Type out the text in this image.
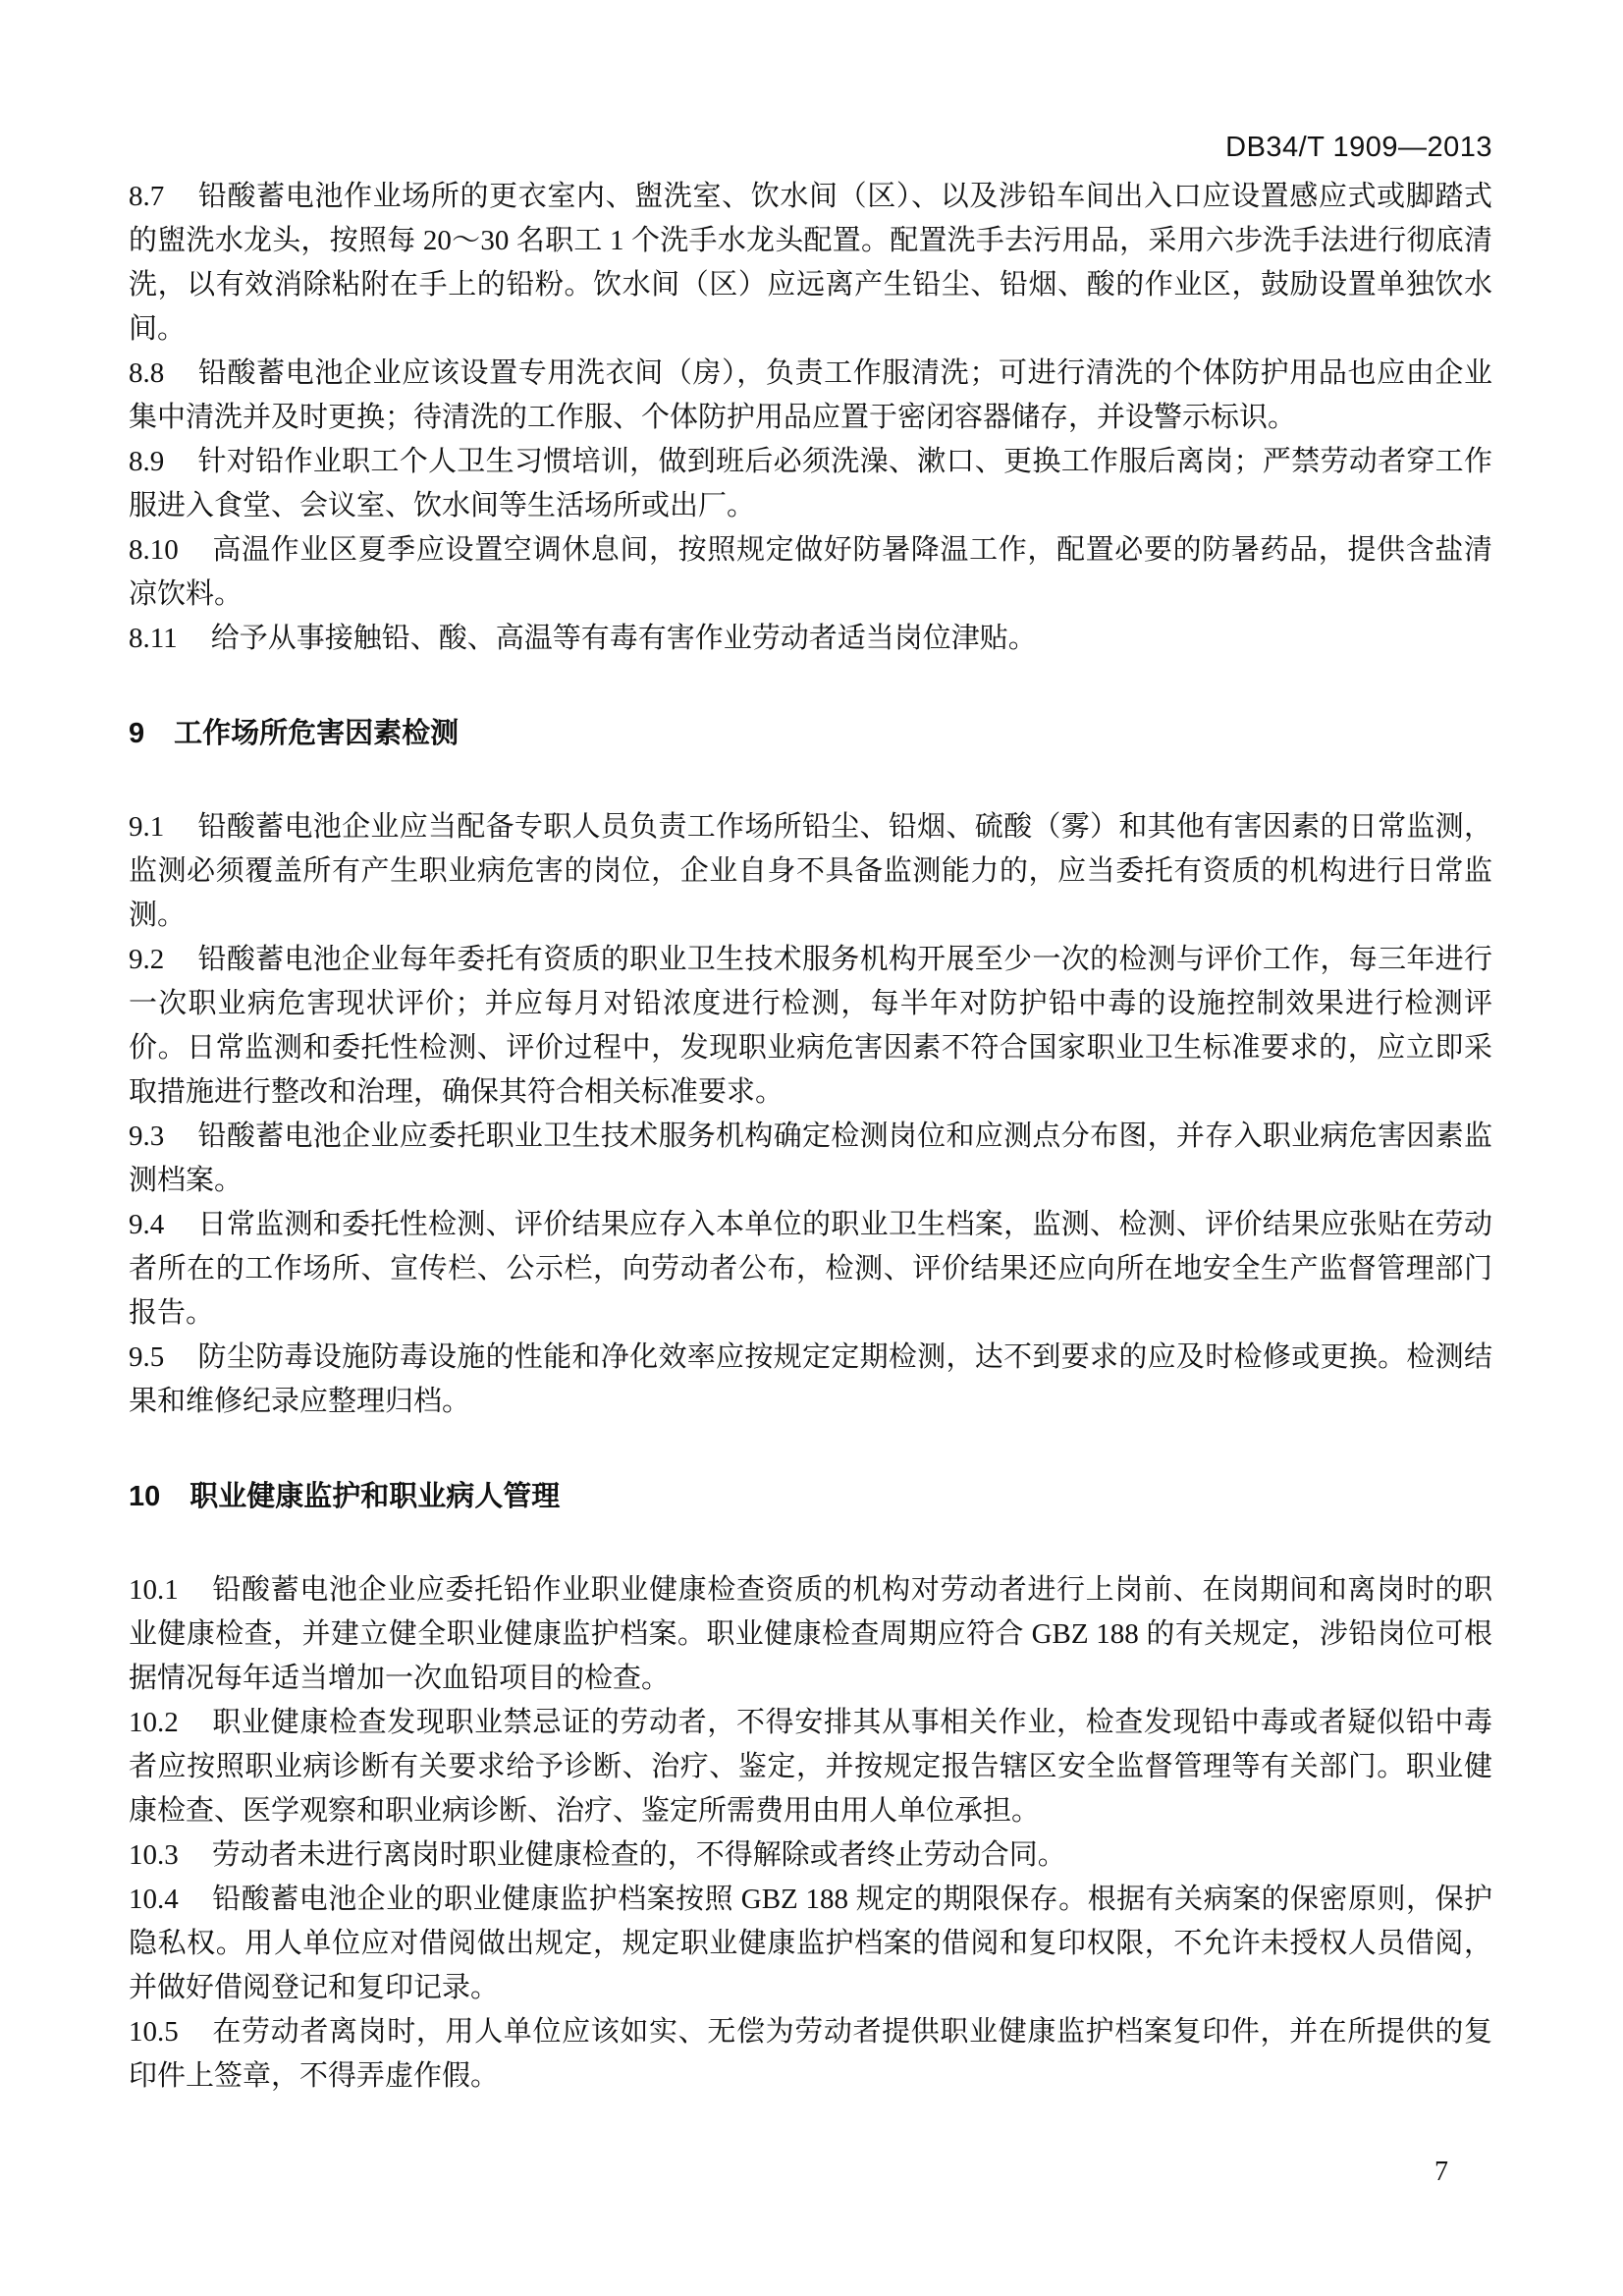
DB34/T 1909—2013

8.7 铅酸蓄电池作业场所的更衣室内、盥洗室、饮水间（区）、以及涉铅车间出入口应设置感应式或脚踏式的盥洗水龙头，按照每 20～30 名职工 1 个洗手水龙头配置。配置洗手去污用品，采用六步洗手法进行彻底清洗，以有效消除粘附在手上的铅粉。饮水间（区）应远离产生铅尘、铅烟、酸的作业区，鼓励设置单独饮水间。

8.8 铅酸蓄电池企业应该设置专用洗衣间（房），负责工作服清洗；可进行清洗的个体防护用品也应由企业集中清洗并及时更换；待清洗的工作服、个体防护用品应置于密闭容器储存，并设警示标识。

8.9 针对铅作业职工个人卫生习惯培训，做到班后必须洗澡、漱口、更换工作服后离岗；严禁劳动者穿工作服进入食堂、会议室、饮水间等生活场所或出厂。

8.10 高温作业区夏季应设置空调休息间，按照规定做好防暑降温工作，配置必要的防暑药品，提供含盐清凉饮料。

8.11 给予从事接触铅、酸、高温等有毒有害作业劳动者适当岗位津贴。

9 工作场所危害因素检测

9.1 铅酸蓄电池企业应当配备专职人员负责工作场所铅尘、铅烟、硫酸（雾）和其他有害因素的日常监测，监测必须覆盖所有产生职业病危害的岗位，企业自身不具备监测能力的，应当委托有资质的机构进行日常监测。

9.2 铅酸蓄电池企业每年委托有资质的职业卫生技术服务机构开展至少一次的检测与评价工作，每三年进行一次职业病危害现状评价；并应每月对铅浓度进行检测，每半年对防护铅中毒的设施控制效果进行检测评价。日常监测和委托性检测、评价过程中，发现职业病危害因素不符合国家职业卫生标准要求的，应立即采取措施进行整改和治理，确保其符合相关标准要求。

9.3 铅酸蓄电池企业应委托职业卫生技术服务机构确定检测岗位和应测点分布图，并存入职业病危害因素监测档案。

9.4 日常监测和委托性检测、评价结果应存入本单位的职业卫生档案，监测、检测、评价结果应张贴在劳动者所在的工作场所、宣传栏、公示栏，向劳动者公布，检测、评价结果还应向所在地安全生产监督管理部门报告。

9.5 防尘防毒设施防毒设施的性能和净化效率应按规定定期检测，达不到要求的应及时检修或更换。检测结果和维修纪录应整理归档。

10 职业健康监护和职业病人管理

10.1 铅酸蓄电池企业应委托铅作业职业健康检查资质的机构对劳动者进行上岗前、在岗期间和离岗时的职业健康检查，并建立健全职业健康监护档案。职业健康检查周期应符合 GBZ 188 的有关规定，涉铅岗位可根据情况每年适当增加一次血铅项目的检查。

10.2 职业健康检查发现职业禁忌证的劳动者，不得安排其从事相关作业，检查发现铅中毒或者疑似铅中毒者应按照职业病诊断有关要求给予诊断、治疗、鉴定，并按规定报告辖区安全监督管理等有关部门。职业健康检查、医学观察和职业病诊断、治疗、鉴定所需费用由用人单位承担。

10.3 劳动者未进行离岗时职业健康检查的，不得解除或者终止劳动合同。

10.4 铅酸蓄电池企业的职业健康监护档案按照 GBZ 188 规定的期限保存。根据有关病案的保密原则，保护隐私权。用人单位应对借阅做出规定，规定职业健康监护档案的借阅和复印权限，不允许未授权人员借阅，并做好借阅登记和复印记录。

10.5 在劳动者离岗时，用人单位应该如实、无偿为劳动者提供职业健康监护档案复印件，并在所提供的复印件上签章，不得弄虚作假。

7
